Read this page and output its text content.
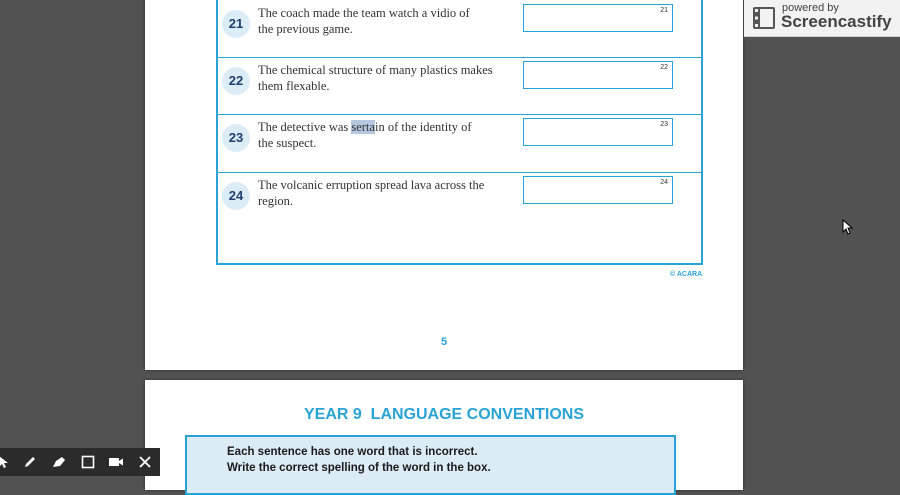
21
The coach made the team watch a vidio of
the previous game.
21
22
The chemical structure of many plastics makes
them flexable.
22
23
The detective was sertain of the identity of
the suspect.
23
24
The volcanic erruption spread lava across the
region.
24
© ACARA
5
YEAR 9  LANGUAGE CONVENTIONS
Each sentence has one word that is incorrect.
Write the correct spelling of the word in the box.
powered by
Screencastify
